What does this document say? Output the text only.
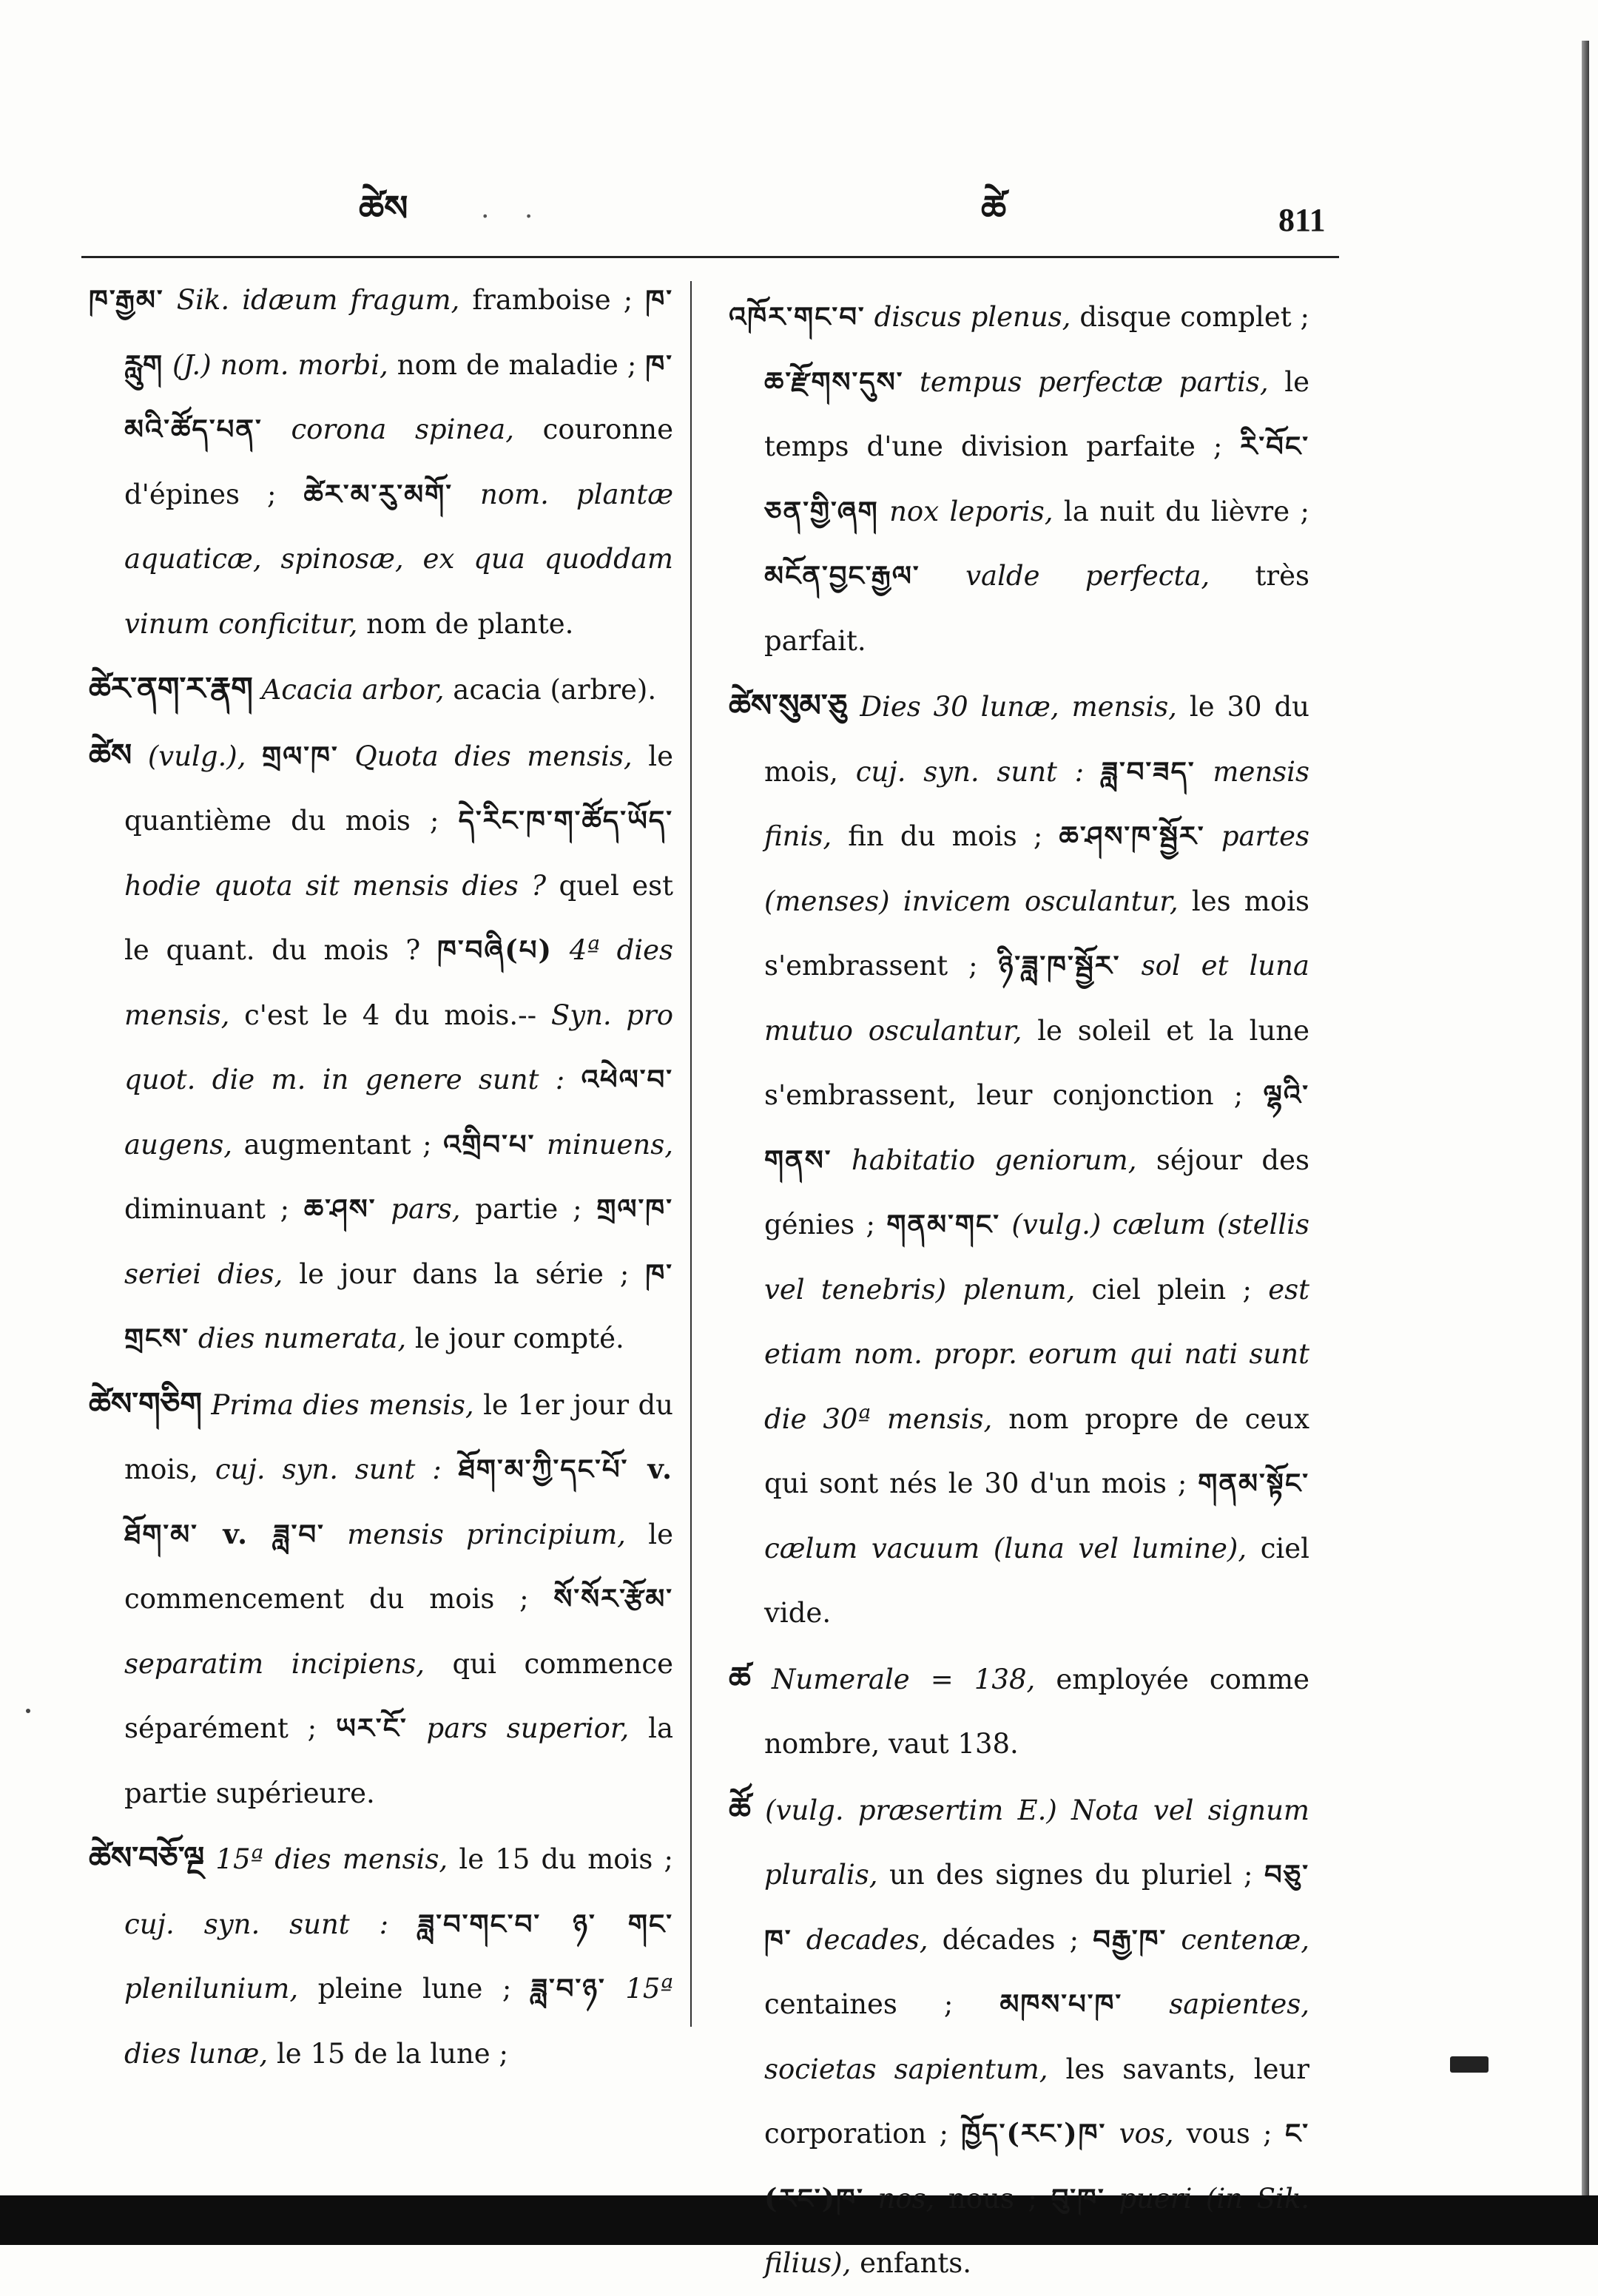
ཚེས	. .	ཚེ	811

ཁ་རྒྱམ་ Sik. idæum fragum, framboise ; ཁ་རླུག (J.) nom. morbi, nom de maladie ; ཁ་མའི་ཚོད་པན་ corona spinea, couronne d'épines ; ཚེར་མ་རུ་མགོ་ nom. plantæ aquaticæ, spinosæ, ex qua quoddam vinum conficitur, nom de plante.

ཚེར་ནག་ར་རྣག Acacia arbor, acacia (arbre).

ཚེས (vulg.), གྲལ་ཁ་ Quota dies mensis, le quantième du mois ; དེ་རིང་ཁ་ག་ཚོད་ཡོད་ hodie quota sit mensis dies ? quel est le quant. du mois ? ཁ་བཞི(པ) 4ª dies mensis, c'est le 4 du mois.-- Syn. pro quot. die m. in genere sunt : འཕེལ་བ་ augens, augmentant ; འགྲིབ་པ་ minuens, diminuant ; ཆ་ཤས་ pars, partie ; གྲལ་ཁ་ seriei dies, le jour dans la série ; ཁ་གྲངས་ dies numerata, le jour compté.

ཚེས་གཅིག Prima dies mensis, le 1er jour du mois, cuj. syn. sunt : ཐོག་མ་ཀྱི་དང་པོ་ v. ཐོག་མ་ v. ཟླ་བ་ mensis principium, le commencement du mois ; སོ་སོར་རྩོམ་ separatim incipiens, qui commence séparément ; ཡར་ངོ་ pars superior, la partie supérieure.

ཚེས་བཅོ་ལྔ 15ª dies mensis, le 15 du mois ; cuj. syn. sunt : ཟླ་བ་གང་བ་ ཉ་ གང་ plenilunium, pleine lune ; ཟླ་བ་ཉ་ 15ª dies lunæ, le 15 de la lune ;

འཁོར་གང་བ་ discus plenus, disque complet ; ཆ་རྫོགས་དུས་ tempus perfectæ partis, le temps d'une division parfaite ; རི་བོང་ཅན་གྱི་ཞག nox leporis, la nuit du lièvre ; མངོན་བྱང་རྒྱལ་ valde perfecta, très parfait.

ཚེས་སུམ་ཅུ Dies 30 lunæ, mensis, le 30 du mois, cuj. syn. sunt : ཟླ་བ་ཟད་ mensis finis, fin du mois ; ཆ་ཤས་ཁ་སྦྱོར་ partes (menses) invicem osculantur, les mois s'embrassent ; ཉི་ཟླ་ཁ་སྦྱོར་ sol et luna mutuo osculantur, le soleil et la lune s'embrassent, leur conjonction ; ལྷའི་གནས་ habitatio geniorum, séjour des génies ; གནམ་གང་ (vulg.) cælum (stellis vel tenebris) plenum, ciel plein ; est etiam nom. propr. eorum qui nati sunt die 30ª mensis, nom propre de ceux qui sont nés le 30 d'un mois ; གནམ་སྟོང་ cælum vacuum (luna vel lumine), ciel vide.

ཚ Numerale = 138, employée comme nombre, vaut 138.

ཚོ (vulg. præsertim E.) Nota vel signum pluralis, un des signes du pluriel ; བཅུ་ཁ་ decades, décades ; བརྒྱ་ཁ་ centenæ, centaines ; མཁས་པ་ཁ་ sapientes, societas sapientum, les savants, leur corporation ; ཁྱོད་(རང་)ཁ་ vos, vous ; ང་(རང་)ཁ་ nos, nous ; བུ་ཁ་ pueri (in Sik. filius), enfants.
